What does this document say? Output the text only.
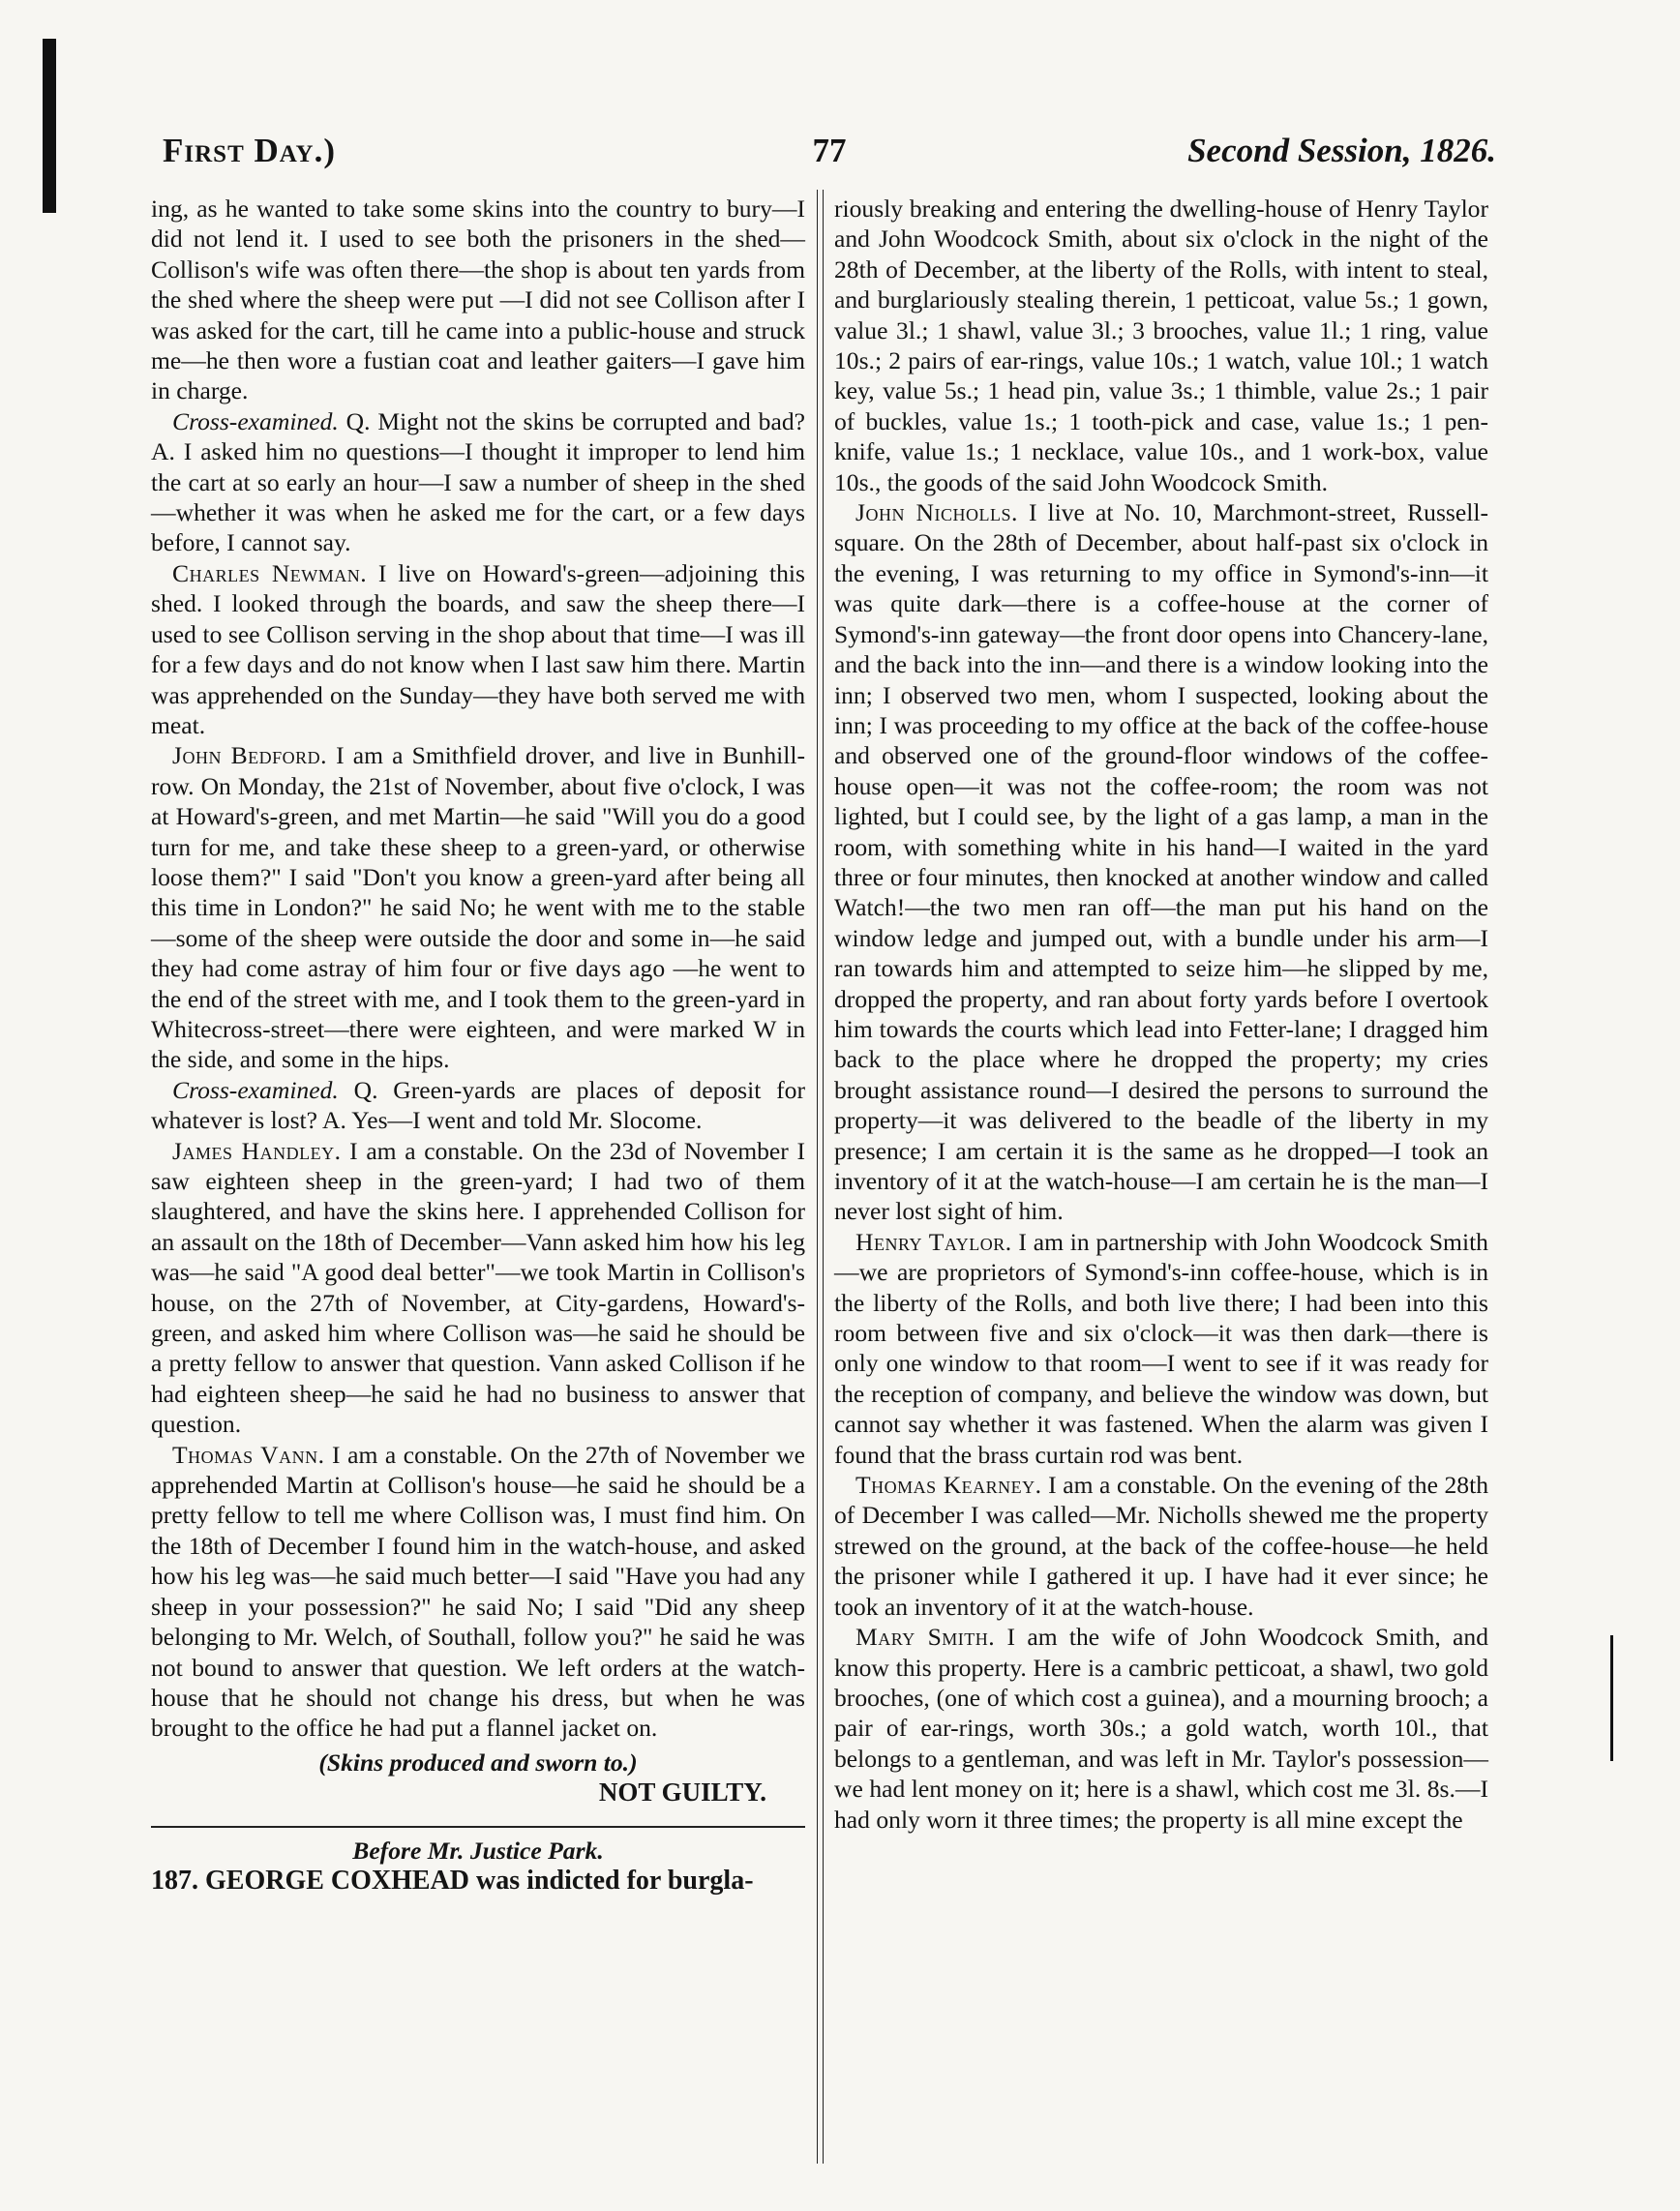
First Day.)	77	Second Session, 1826.

ing, as he wanted to take some skins into the country to bury—I did not lend it. I used to see both the prisoners in the shed—Collison's wife was often there—the shop is about ten yards from the shed where the sheep were put —I did not see Collison after I was asked for the cart, till he came into a public-house and struck me—he then wore a fustian coat and leather gaiters—I gave him in charge.

Cross-examined. Q. Might not the skins be corrupted and bad? A. I asked him no questions—I thought it improper to lend him the cart at so early an hour—I saw a number of sheep in the shed—whether it was when he asked me for the cart, or a few days before, I cannot say.

Charles Newman. I live on Howard's-green—adjoining this shed. I looked through the boards, and saw the sheep there—I used to see Collison serving in the shop about that time—I was ill for a few days and do not know when I last saw him there. Martin was apprehended on the Sunday—they have both served me with meat.

John Bedford. I am a Smithfield drover, and live in Bunhill-row. On Monday, the 21st of November, about five o'clock, I was at Howard's-green, and met Martin—he said "Will you do a good turn for me, and take these sheep to a green-yard, or otherwise loose them?" I said "Don't you know a green-yard after being all this time in London?" he said No; he went with me to the stable—some of the sheep were outside the door and some in—he said they had come astray of him four or five days ago —he went to the end of the street with me, and I took them to the green-yard in Whitecross-street—there were eighteen, and were marked W in the side, and some in the hips.

Cross-examined. Q. Green-yards are places of deposit for whatever is lost? A. Yes—I went and told Mr. Slocome.

James Handley. I am a constable. On the 23d of November I saw eighteen sheep in the green-yard; I had two of them slaughtered, and have the skins here. I apprehended Collison for an assault on the 18th of December—Vann asked him how his leg was—he said "A good deal better"—we took Martin in Collison's house, on the 27th of November, at City-gardens, Howard's-green, and asked him where Collison was—he said he should be a pretty fellow to answer that question. Vann asked Collison if he had eighteen sheep—he said he had no business to answer that question.

Thomas Vann. I am a constable. On the 27th of November we apprehended Martin at Collison's house—he said he should be a pretty fellow to tell me where Collison was, I must find him. On the 18th of December I found him in the watch-house, and asked how his leg was—he said much better—I said "Have you had any sheep in your possession?" he said No; I said "Did any sheep belonging to Mr. Welch, of Southall, follow you?" he said he was not bound to answer that question. We left orders at the watch-house that he should not change his dress, but when he was brought to the office he had put a flannel jacket on.

(Skins produced and sworn to.)

NOT GUILTY.

Before Mr. Justice Park.

187. GEORGE COXHEAD was indicted for burgla-

riously breaking and entering the dwelling-house of Henry Taylor and John Woodcock Smith, about six o'clock in the night of the 28th of December, at the liberty of the Rolls, with intent to steal, and burglariously stealing therein, 1 petticoat, value 5s.; 1 gown, value 3l.; 1 shawl, value 3l.; 3 brooches, value 1l.; 1 ring, value 10s.; 2 pairs of ear-rings, value 10s.; 1 watch, value 10l.; 1 watch key, value 5s.; 1 head pin, value 3s.; 1 thimble, value 2s.; 1 pair of buckles, value 1s.; 1 tooth-pick and case, value 1s.; 1 pen-knife, value 1s.; 1 necklace, value 10s., and 1 work-box, value 10s., the goods of the said John Woodcock Smith.

John Nicholls. I live at No. 10, Marchmont-street, Russell-square. On the 28th of December, about half-past six o'clock in the evening, I was returning to my office in Symond's-inn—it was quite dark—there is a coffee-house at the corner of Symond's-inn gateway—the front door opens into Chancery-lane, and the back into the inn—and there is a window looking into the inn; I observed two men, whom I suspected, looking about the inn; I was proceeding to my office at the back of the coffee-house and observed one of the ground-floor windows of the coffee-house open—it was not the coffee-room; the room was not lighted, but I could see, by the light of a gas lamp, a man in the room, with something white in his hand—I waited in the yard three or four minutes, then knocked at another window and called Watch!—the two men ran off—the man put his hand on the window ledge and jumped out, with a bundle under his arm—I ran towards him and attempted to seize him—he slipped by me, dropped the property, and ran about forty yards before I overtook him towards the courts which lead into Fetter-lane; I dragged him back to the place where he dropped the property; my cries brought assistance round—I desired the persons to surround the property—it was delivered to the beadle of the liberty in my presence; I am certain it is the same as he dropped—I took an inventory of it at the watch-house—I am certain he is the man—I never lost sight of him.

Henry Taylor. I am in partnership with John Woodcock Smith—we are proprietors of Symond's-inn coffee-house, which is in the liberty of the Rolls, and both live there; I had been into this room between five and six o'clock—it was then dark—there is only one window to that room—I went to see if it was ready for the reception of company, and believe the window was down, but cannot say whether it was fastened. When the alarm was given I found that the brass curtain rod was bent.

Thomas Kearney. I am a constable. On the evening of the 28th of December I was called—Mr. Nicholls shewed me the property strewed on the ground, at the back of the coffee-house—he held the prisoner while I gathered it up. I have had it ever since; he took an inventory of it at the watch-house.

Mary Smith. I am the wife of John Woodcock Smith, and know this property. Here is a cambric petticoat, a shawl, two gold brooches, (one of which cost a guinea), and a mourning brooch; a pair of ear-rings, worth 30s.; a gold watch, worth 10l., that belongs to a gentleman, and was left in Mr. Taylor's possession—we had lent money on it; here is a shawl, which cost me 3l. 8s.—I had only worn it three times; the property is all mine except the
